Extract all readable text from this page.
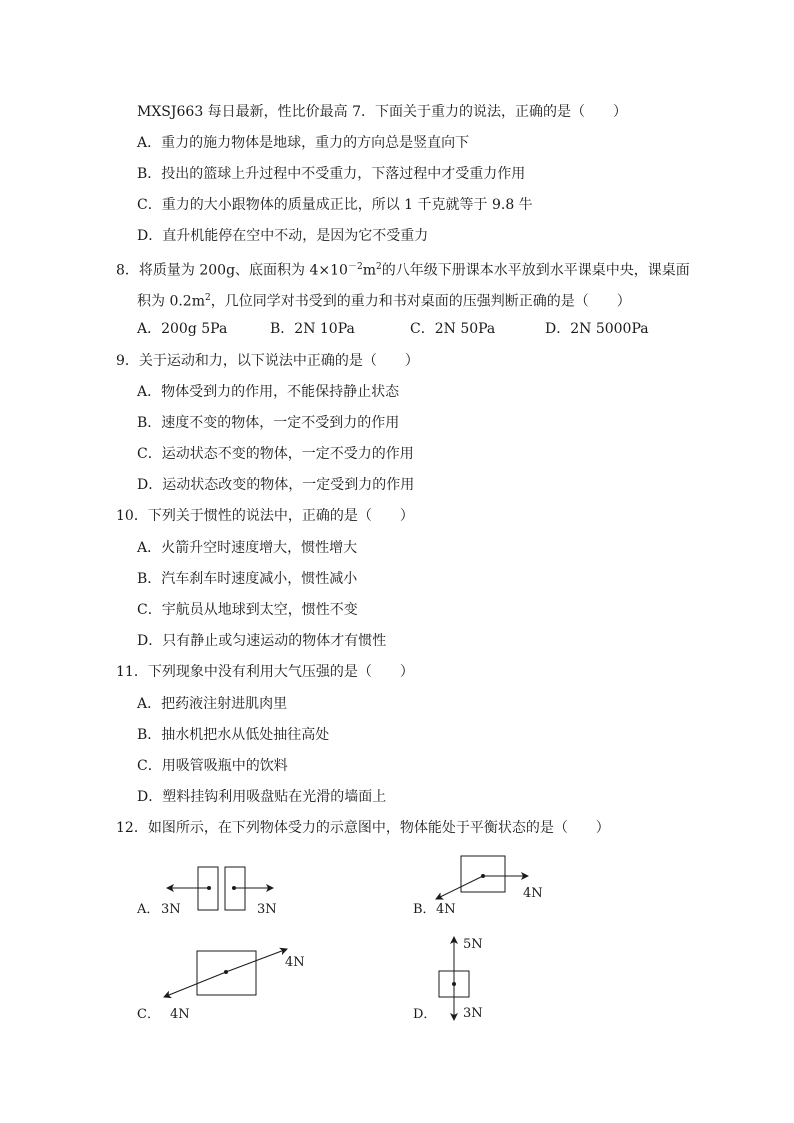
MXSJ663 每日最新，性比价最高 7．下面关于重力的说法，正确的是（　　）
A．重力的施力物体是地球，重力的方向总是竖直向下
B．投出的篮球上升过程中不受重力，下落过程中才受重力作用
C．重力的大小跟物体的质量成正比，所以 1 千克就等于 9.8 牛
D．直升机能停在空中不动，是因为它不受重力
8．将质量为 200g、底面积为 $4\times 10^{-2}m^2$的八年级下册课本水平放到水平课桌中央，课桌面
积为 $0.2m^2$，几位同学对书受到的重力和书对桌面的压强判断正确的是（　　）
A．200g 5Pa	B．2N 10Pa	C．2N 50Pa	D．2N 5000Pa
9．关于运动和力，以下说法中正确的是（　　）
A．物体受到力的作用，不能保持静止状态
B．速度不变的物体，一定不受到力的作用
C．运动状态不变的物体，一定不受力的作用
D．运动状态改变的物体，一定受到力的作用
10．下列关于惯性的说法中，正确的是（　　）
A．火箭升空时速度增大，惯性增大
B．汽车刹车时速度减小，惯性减小
C．宇航员从地球到太空，惯性不变
D．只有静止或匀速运动的物体才有惯性
11．下列现象中没有利用大气压强的是（　　）
A．把药液注射进肌肉里
B．抽水机把水从低处抽往高处
C．用吸管吸瓶中的饮料
D．塑料挂钩利用吸盘贴在光滑的墙面上
12．如图所示，在下列物体受力的示意图中，物体能处于平衡状态的是（　　）
A． 3N	3N	B． 4N
4N
C． 4N
4N
D．
5N
3N
